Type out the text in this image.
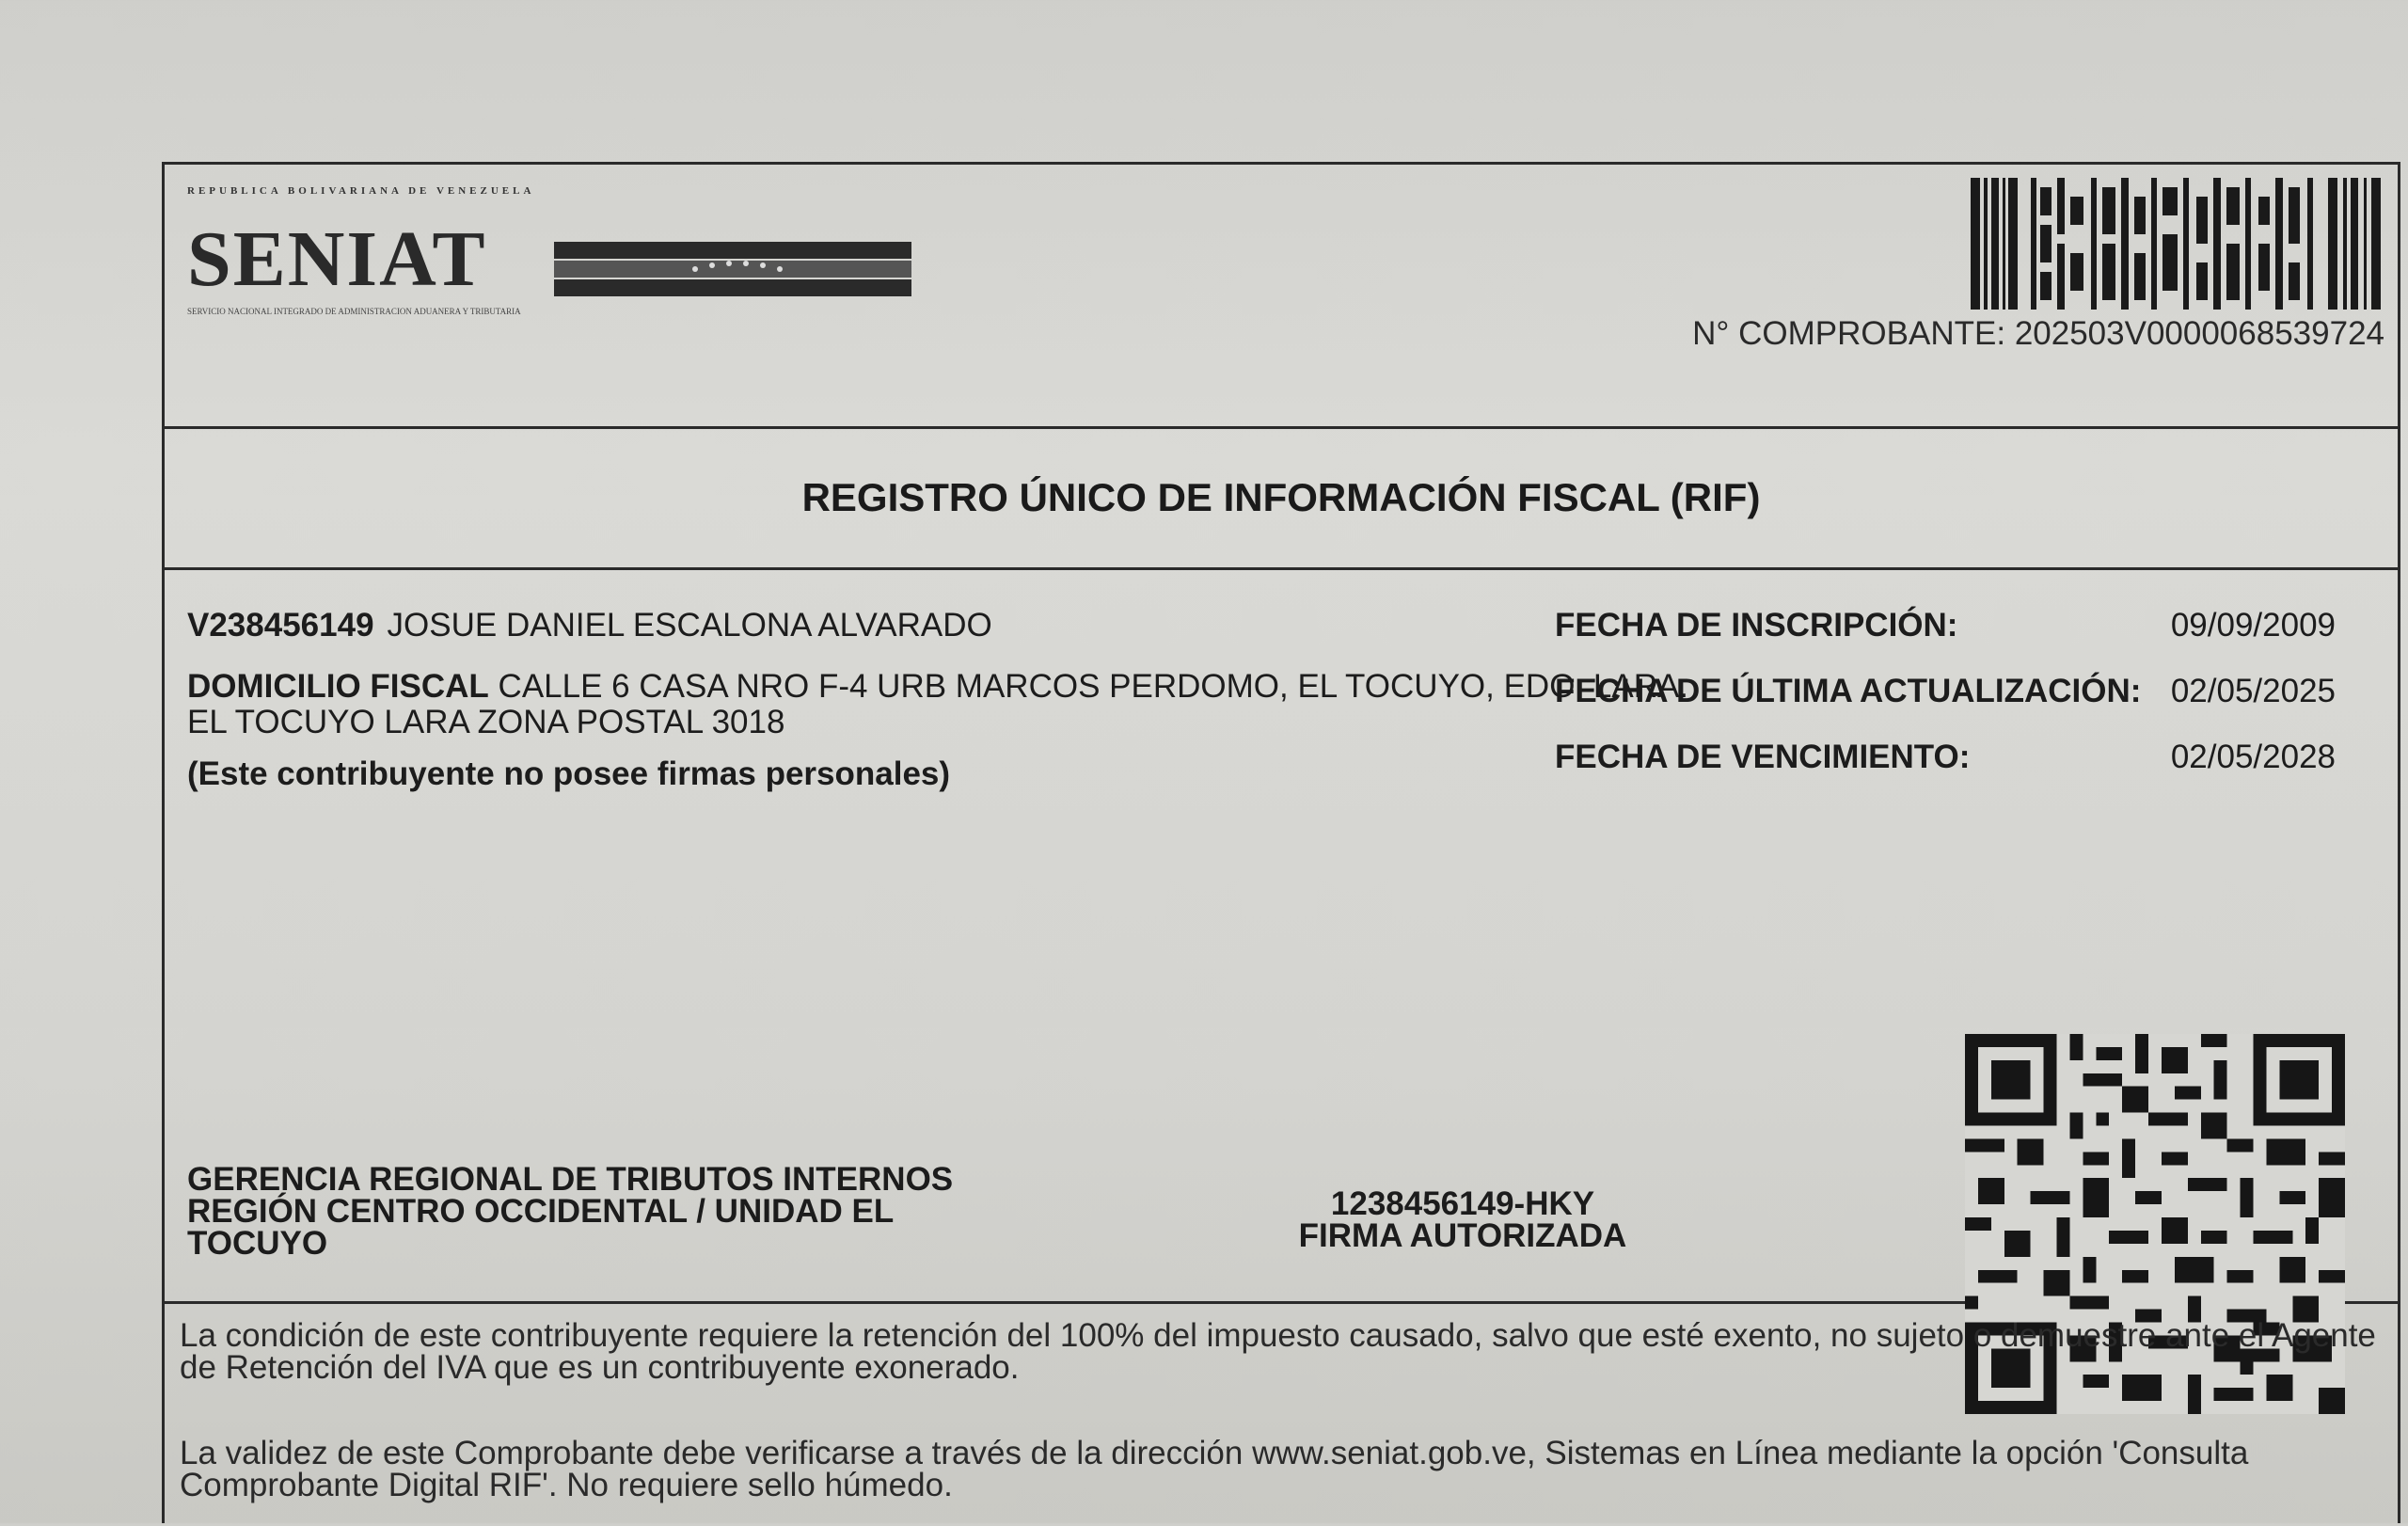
REPUBLICA BOLIVARIANA DE VENEZUELA
SENIAT
SERVICIO NACIONAL INTEGRADO DE ADMINISTRACION ADUANERA Y TRIBUTARIA
N° COMPROBANTE: 202503V0000068539724
REGISTRO ÚNICO DE INFORMACIÓN FISCAL (RIF)
V238456149 JOSUE DANIEL ESCALONA ALVARADO
DOMICILIO FISCAL CALLE 6 CASA NRO F-4 URB MARCOS PERDOMO, EL TOCUYO, EDO. LARA. EL TOCUYO LARA ZONA POSTAL 3018
(Este contribuyente no posee firmas personales)
FECHA DE INSCRIPCIÓN:	09/09/2009
FECHA DE ÚLTIMA ACTUALIZACIÓN: 02/05/2025
FECHA DE VENCIMIENTO:	02/05/2028
GERENCIA REGIONAL DE TRIBUTOS INTERNOS REGIÓN CENTRO OCCIDENTAL / UNIDAD EL TOCUYO
1238456149-HKY
FIRMA AUTORIZADA
La condición de este contribuyente requiere la retención del 100% del impuesto causado, salvo que esté exento, no sujeto o demuestre ante el Agente de Retención del IVA que es un contribuyente exonerado.
La validez de este Comprobante debe verificarse a través de la dirección www.seniat.gob.ve, Sistemas en Línea mediante la opción 'Consulta Comprobante Digital RIF'. No requiere sello húmedo.
